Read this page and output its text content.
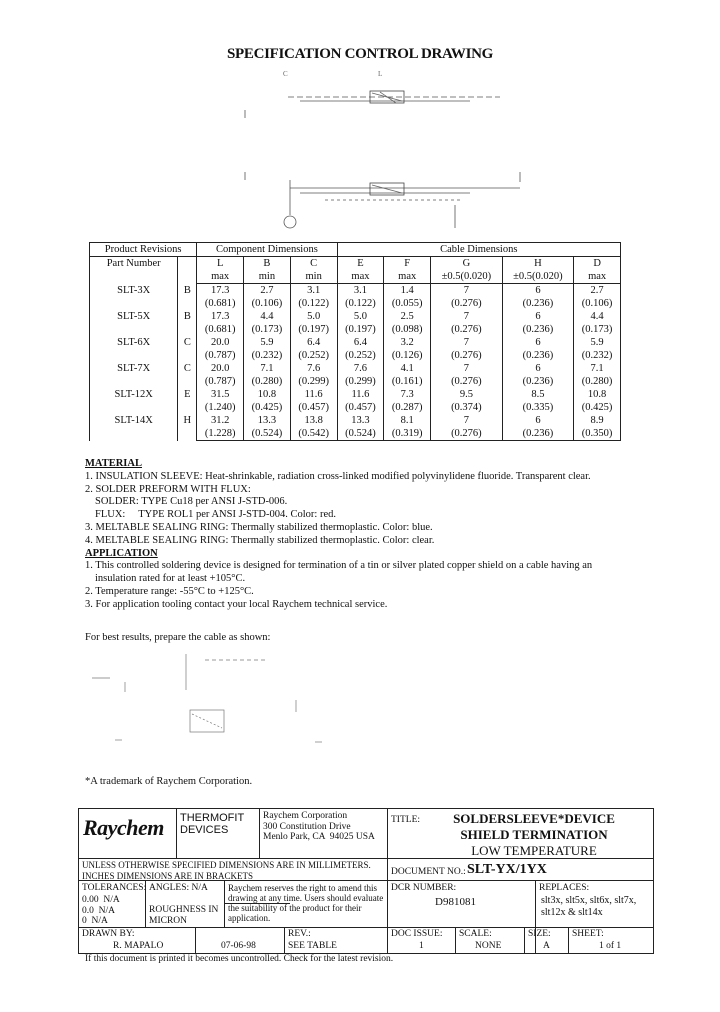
SPECIFICATION CONTROL DRAWING
L
C
Product Revisions		Component Dimensions			Cable Dimensions				
Part Number		L	B	C	E	F	G	H	D
		max	min	min	max	max	±0.5(0.020)	±0.5(0.020)	max
SLT-3X	B	17.3	2.7	3.1	3.1	1.4	7	6	2.7
		(0.681)	(0.106)	(0.122)	(0.122)	(0.055)	(0.276)	(0.236)	(0.106)
SLT-5X	B	17.3	4.4	5.0	5.0	2.5	7	6	4.4
		(0.681)	(0.173)	(0.197)	(0.197)	(0.098)	(0.276)	(0.236)	(0.173)
SLT-6X	C	20.0	5.9	6.4	6.4	3.2	7	6	5.9
		(0.787)	(0.232)	(0.252)	(0.252)	(0.126)	(0.276)	(0.236)	(0.232)
SLT-7X	C	20.0	7.1	7.6	7.6	4.1	7	6	7.1
		(0.787)	(0.280)	(0.299)	(0.299)	(0.161)	(0.276)	(0.236)	(0.280)
SLT-12X	E	31.5	10.8	11.6	11.6	7.3	9.5	8.5	10.8
		(1.240)	(0.425)	(0.457)	(0.457)	(0.287)	(0.374)	(0.335)	(0.425)
SLT-14X	H	31.2	13.3	13.8	13.3	8.1	7	6	8.9
		(1.228)	(0.524)	(0.542)	(0.524)	(0.319)	(0.276)	(0.236)	(0.350)
MATERIAL
1. INSULATION SLEEVE: Heat-shrinkable, radiation cross-linked modified polyvinylidene fluoride. Transparent clear.
2. SOLDER PREFORM WITH FLUX:
SOLDER: TYPE Cu18 per ANSI J-STD-006.
FLUX:     TYPE ROL1 per ANSI J-STD-004. Color: red.
3. MELTABLE SEALING RING: Thermally stabilized thermoplastic. Color: blue.
4. MELTABLE SEALING RING: Thermally stabilized thermoplastic. Color: clear.
APPLICATION
1. This controlled soldering device is designed for termination of a tin or silver plated copper shield on a cable having an
insulation rated for at least +105°C.
2. Temperature range: -55°C to +125°C.
3. For application tooling contact your local Raychem technical service.
For best results, prepare the cable as shown:
*A trademark of Raychem Corporation.
Raychem THERMOFIT
DEVICES
Raychem Corporation
300 Constitution Drive
Menlo Park, CA  94025 USA
TITLE:	SOLDERSLEEVE*DEVICE
SHIELD TERMINATION
LOW TEMPERATURE
UNLESS OTHERWISE SPECIFIED DIMENSIONS ARE IN MILLIMETERS.
INCHES DIMENSIONS ARE IN BRACKETS	DOCUMENT NO.: SLT-YX/1YX
TOLERANCES:
0.00  N/A
0.0  N/A
0  N/A
ANGLES: N/A
ROUGHNESS IN
MICRON
Raychem reserves the right to amend this
drawing at any time. Users should evaluate
the suitability of the product for their
application.
DCR NUMBER:
D981081
REPLACES:
slt3x, slt5x, slt6x, slt7x,
slt12x & slt14x
DRAWN BY:
R. MAPALO	07-06-98
REV.:
SEE TABLE
DOC ISSUE:
1
SCALE:
NONE
SIZE:
A
SHEET:
1 of 1
If this document is printed it becomes uncontrolled. Check for the latest revision.
